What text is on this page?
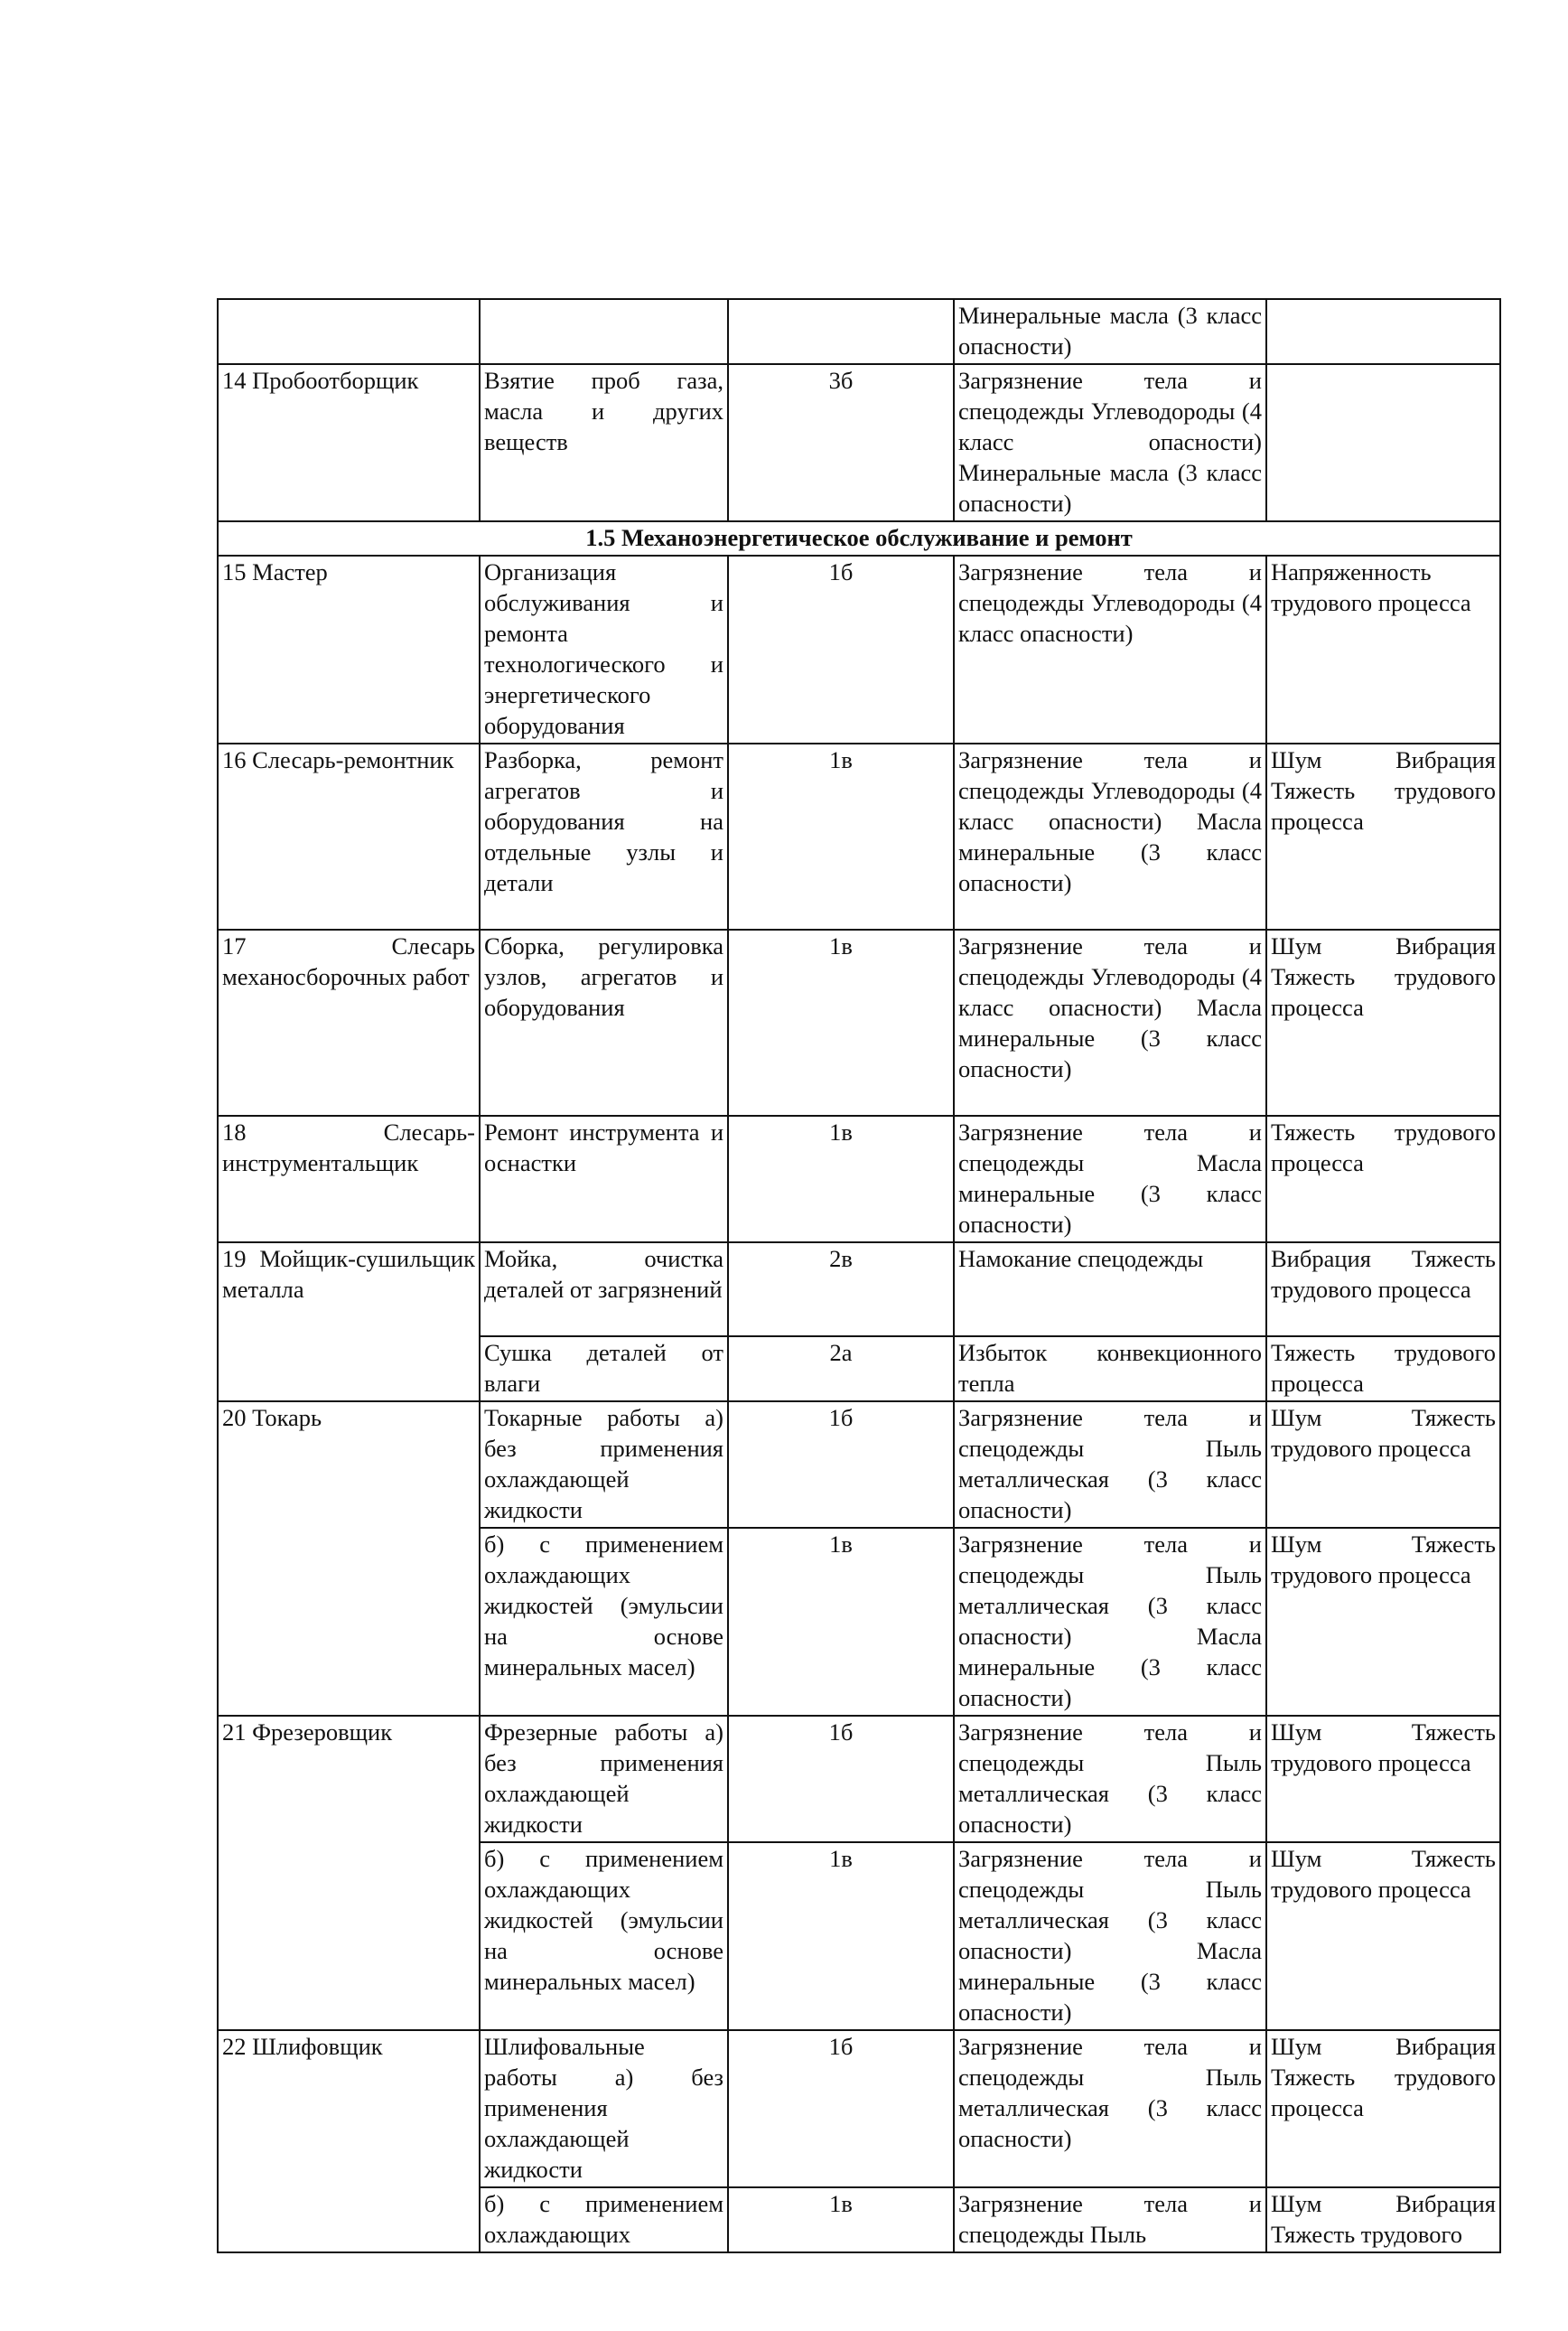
			Минеральные масла (3 класс опасности)	
14 Пробоотборщик	Взятие проб газа, масла и других веществ	3б	Загрязнение тела и спецодежды Углеводороды (4 класс опасности) Минеральные масла (3 класс опасности)	
1.5 Механоэнергетическое обслуживание и ремонт				
15 Мастер	Организация обслуживания и ремонта технологического и энергетического оборудования	1б	Загрязнение тела и спецодежды Углеводороды (4 класс опасности)	Напряженность трудового процесса
16 Слесарь-ремонтник	Разборка, ремонт агрегатов и оборудования на отдельные узлы и детали	1в	Загрязнение тела и спецодежды Углеводороды (4 класс опасности) Масла минеральные (3 класс опасности)	Шум Вибрация Тяжесть трудового процесса
17 Слесарь механосборочных работ	Сборка, регулировка узлов, агрегатов и оборудования	1в	Загрязнение тела и спецодежды Углеводороды (4 класс опасности) Масла минеральные (3 класс опасности)	Шум Вибрация Тяжесть трудового процесса
18 Слесарь-инструментальщик	Ремонт инструмента и оснастки	1в	Загрязнение тела и спецодежды Масла минеральные (3 класс опасности)	Тяжесть трудового процесса
19 Мойщик-сушильщик металла	Мойка, очистка деталей от загрязнений	2в	Намокание спецодежды	Вибрация Тяжесть трудового процесса
	Сушка деталей от влаги	2а	Избыток конвекционного тепла	Тяжесть трудового процесса
20 Токарь	Токарные работы а) без применения охлаждающей жидкости	1б	Загрязнение тела и спецодежды Пыль металлическая (3 класс опасности)	Шум Тяжесть трудового процесса
	б) с применением охлаждающих жидкостей (эмульсии на основе минеральных масел)	1в	Загрязнение тела и спецодежды Пыль металлическая (3 класс опасности) Масла минеральные (3 класс опасности)	Шум Тяжесть трудового процесса
21 Фрезеровщик	Фрезерные работы а) без применения охлаждающей жидкости	1б	Загрязнение тела и спецодежды Пыль металлическая (3 класс опасности)	Шум Тяжесть трудового процесса
	б) с применением охлаждающих жидкостей (эмульсии на основе минеральных масел)	1в	Загрязнение тела и спецодежды Пыль металлическая (3 класс опасности) Масла минеральные (3 класс опасности)	Шум Тяжесть трудового процесса
22 Шлифовщик	Шлифовальные работы а) без применения охлаждающей жидкости	1б	Загрязнение тела и спецодежды Пыль металлическая (3 класс опасности)	Шум Вибрация Тяжесть трудового процесса
	б) с применением охлаждающих	1в	Загрязнение тела и спецодежды Пыль	Шум Вибрация Тяжесть трудового
